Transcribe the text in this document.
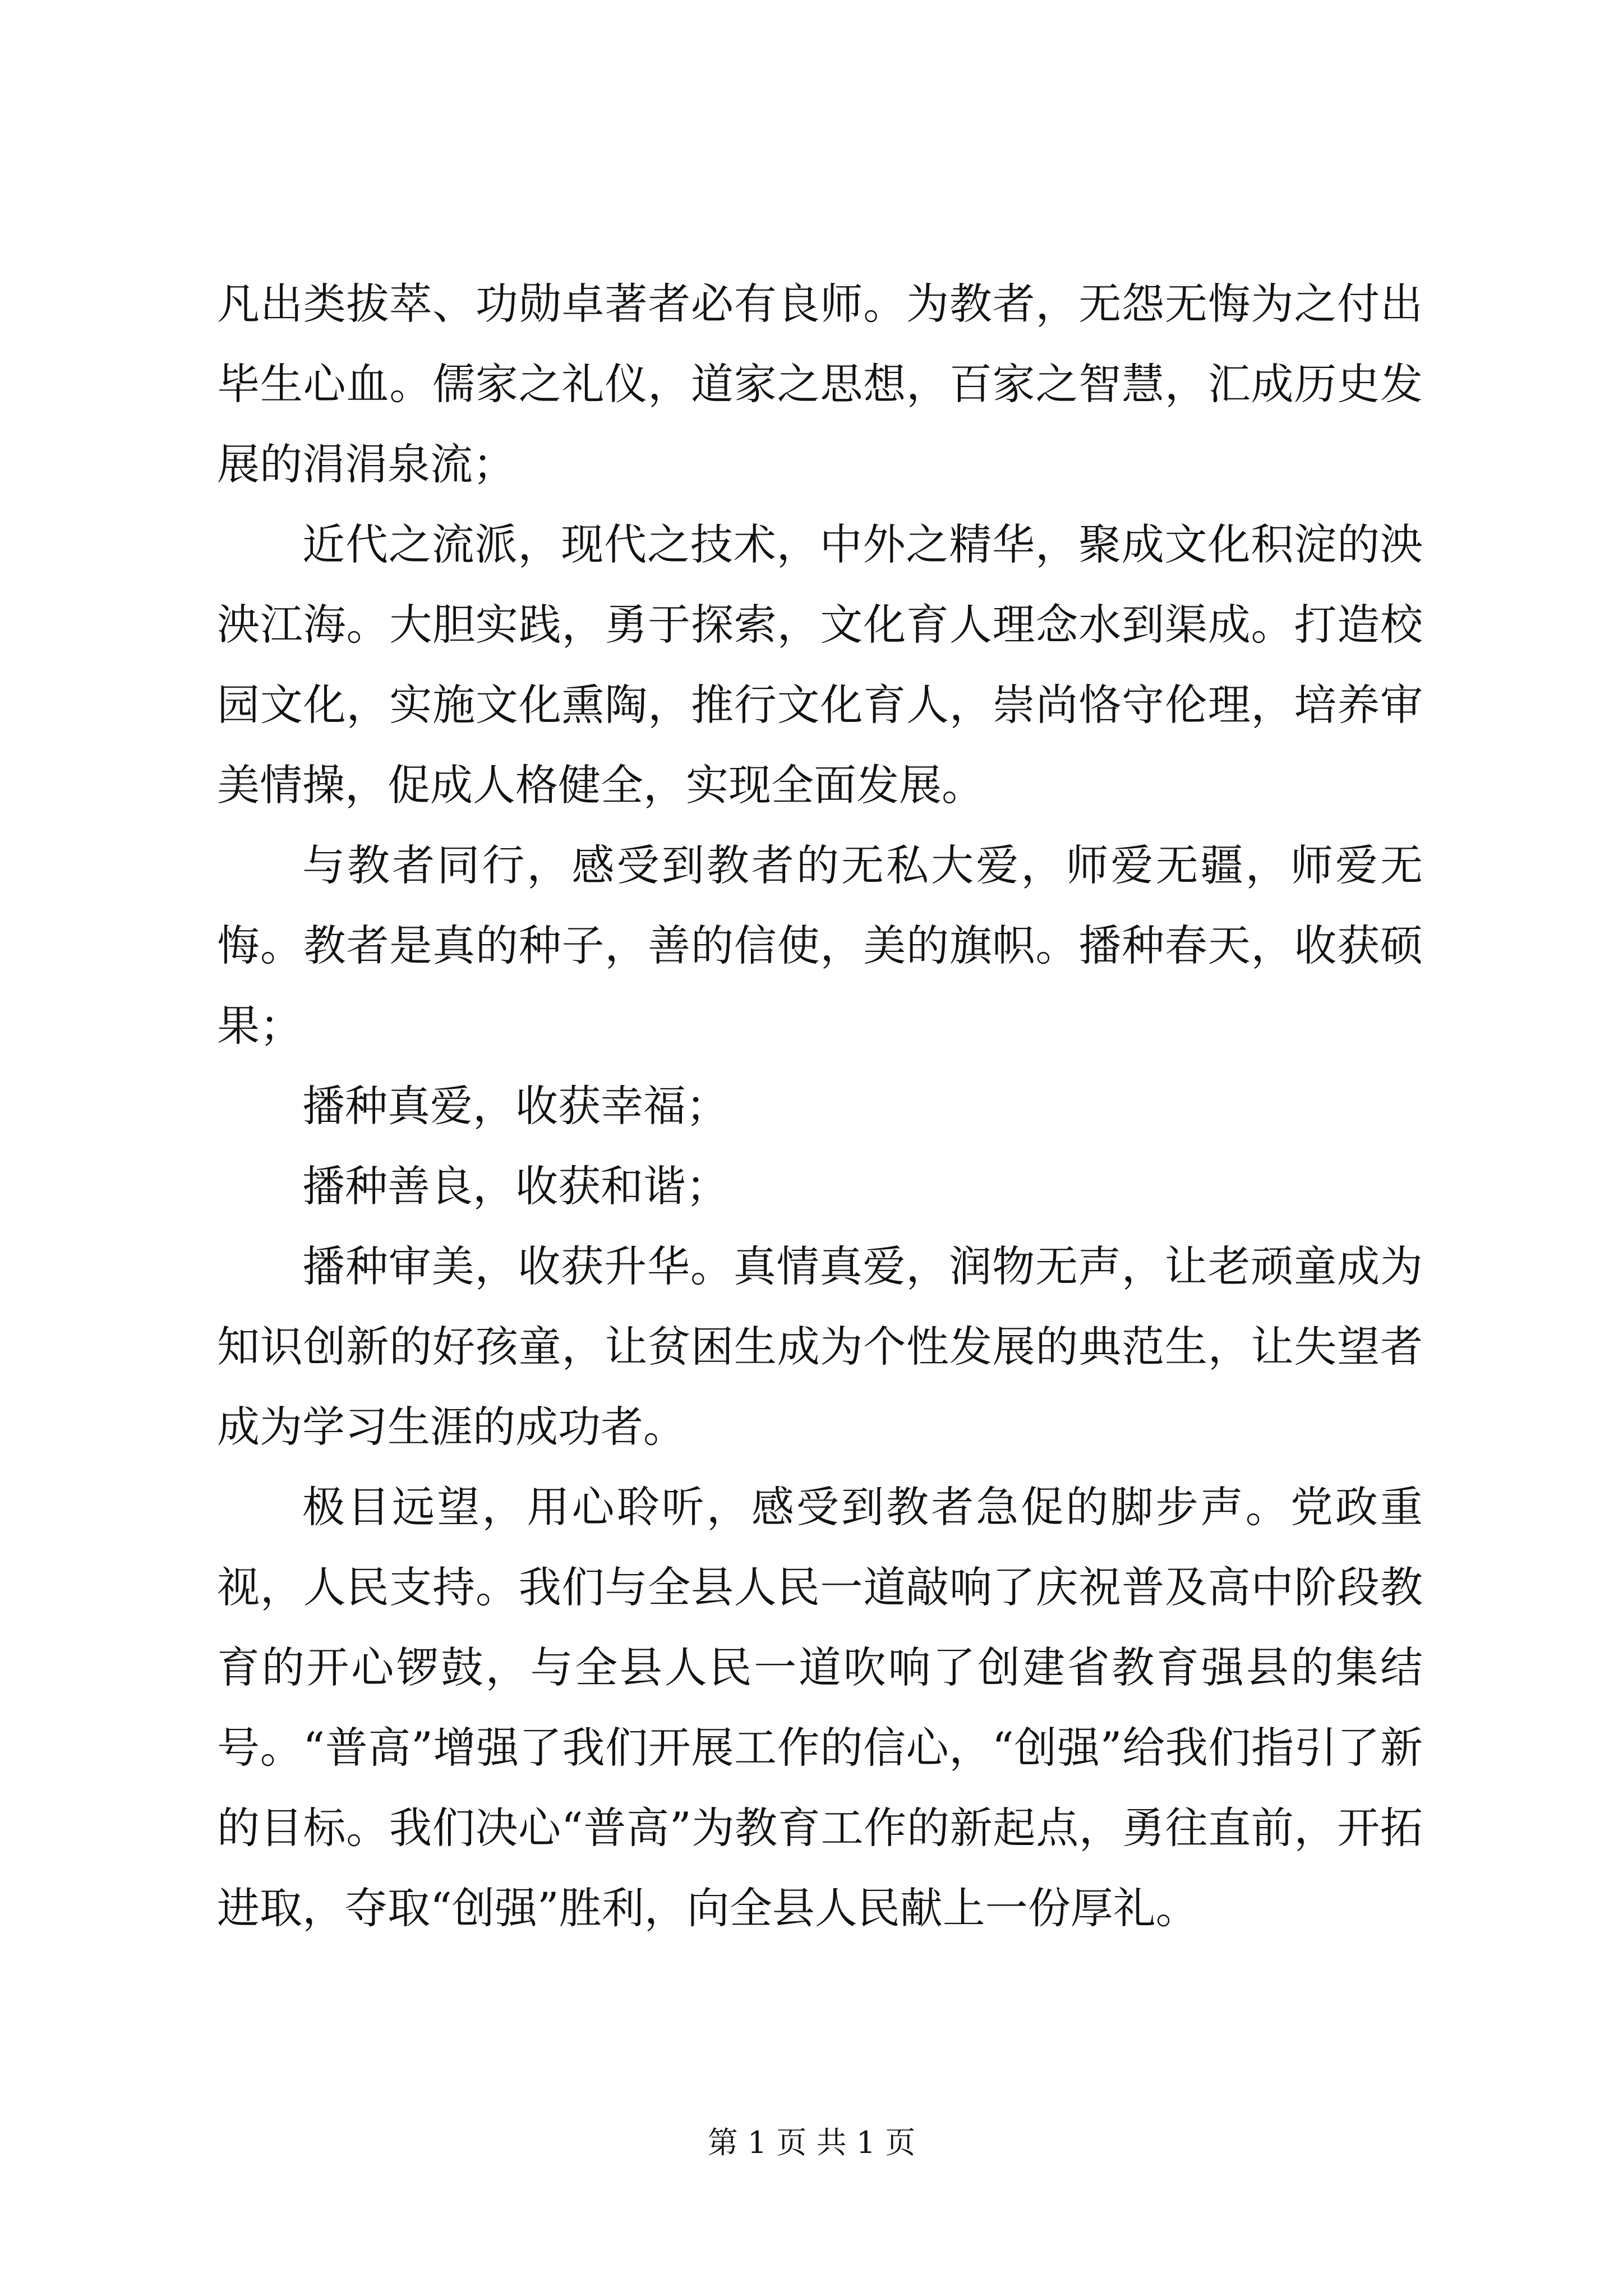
凡出类拔萃、功勋卓著者必有良师。为教者，无怨无悔为之付出毕生心血。儒家之礼仪，道家之思想，百家之智慧，汇成历史发展的涓涓泉流；

近代之流派，现代之技术，中外之精华，聚成文化积淀的泱泱江海。大胆实践，勇于探索，文化育人理念水到渠成。打造校园文化，实施文化熏陶，推行文化育人，崇尚恪守伦理，培养审美情操，促成人格健全，实现全面发展。

与教者同行，感受到教者的无私大爱，师爱无疆，师爱无悔。教者是真的种子，善的信使，美的旗帜。播种春天，收获硕果；

播种真爱，收获幸福；

播种善良，收获和谐；

播种审美，收获升华。真情真爱，润物无声，让老顽童成为知识创新的好孩童，让贫困生成为个性发展的典范生，让失望者成为学习生涯的成功者。

极目远望，用心聆听，感受到教者急促的脚步声。党政重视，人民支持。我们与全县人民一道敲响了庆祝普及高中阶段教育的开心锣鼓，与全县人民一道吹响了创建省教育强县的集结号。“普高”增强了我们开展工作的信心，“创强”给我们指引了新的目标。我们决心“普高”为教育工作的新起点，勇往直前，开拓进取，夺取“创强”胜利，向全县人民献上一份厚礼。

第 1 页 共 1 页
